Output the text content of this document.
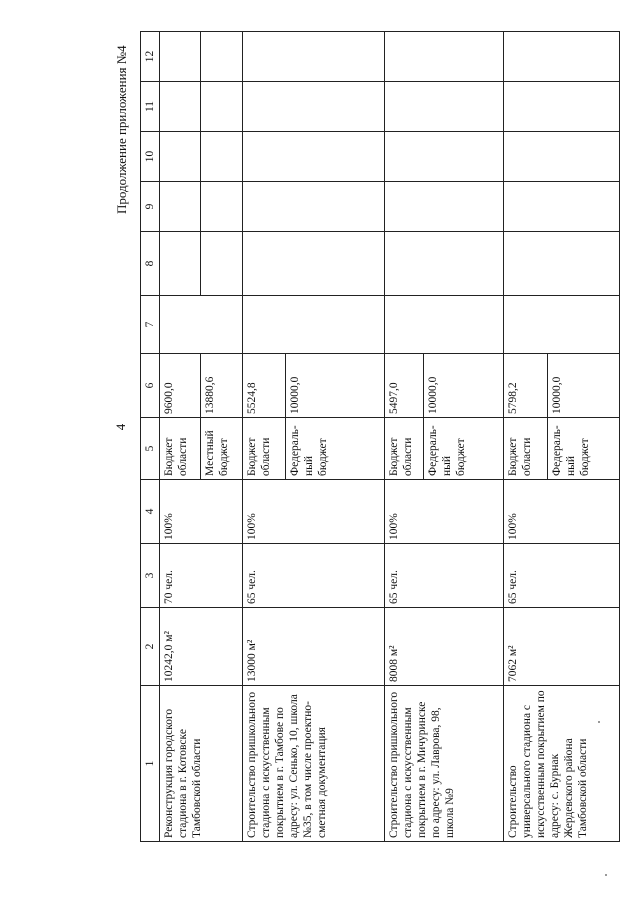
4
Продолжение приложения №4
1	2	3	4	5	6	7	8	9	10	11	12
Реконструкция городского стадиона в г. Котовске Тамбовской области	10242,0 м²	70 чел.	100%	Бюджет области	9600,0						
				Местный бюджет	13880,6						
Строительство пришкольного стадиона с искусственным покрытием в г. Тамбове по адресу: ул. Сенько, 10, школа №35, в том числе проектно-сметная документация	13000 м²	65 чел.	100%	Бюджет области	5524,8						
				Федераль-ный бюджет	10000,0						
Строительство пришкольного стадиона с искусственным покрытием в г. Мичуринске по адресу: ул. Лаврова, 98, школа №9	8008 м²	65 чел.	100%	Бюджет области	5497,0						
				Федераль-ный бюджет	10000,0						
Строительство универсального стадиона с искусственным покрытием по адресу: с. Бурнак Жердевского района Тамбовской области	7062 м²	65 чел.	100%	Бюджет области	5798,2						
				Федераль-ный бюджет	10000,0						
